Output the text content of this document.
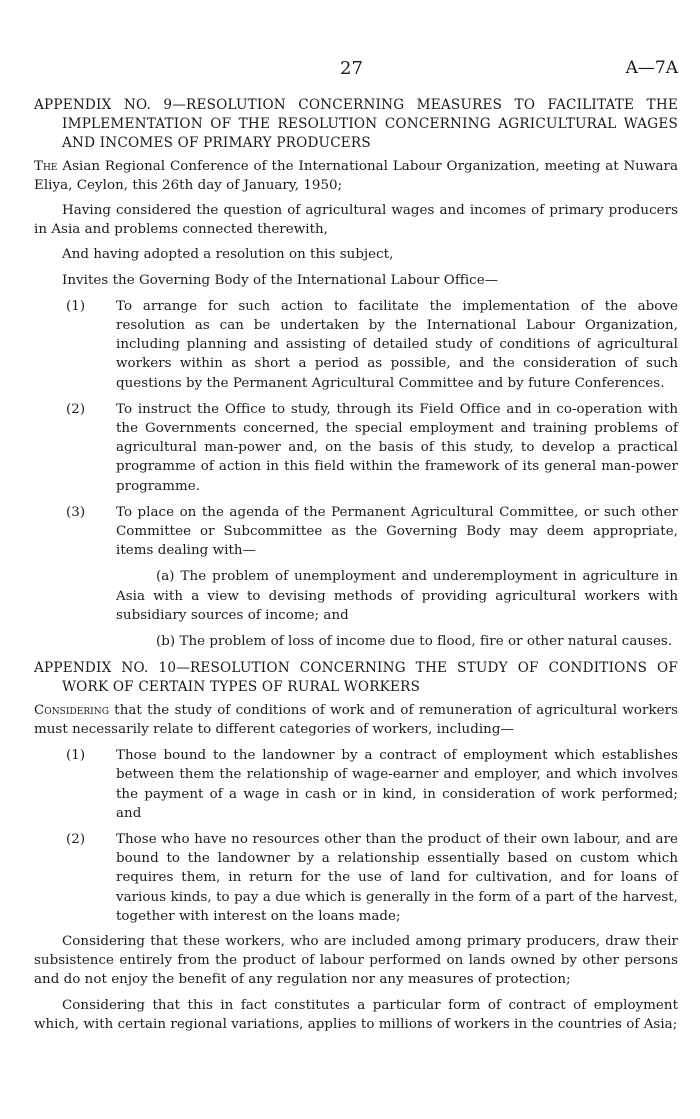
27	A—7A
APPENDIX NO. 9—RESOLUTION CONCERNING MEASURES TO FACILITATE THE IMPLEMENTATION OF THE RESOLUTION CONCERNING AGRICULTURAL WAGES AND INCOMES OF PRIMARY PRODUCERS

The Asian Regional Conference of the International Labour Organization, meeting at Nuwara Eliya, Ceylon, this 26th day of January, 1950;

Having considered the question of agricultural wages and incomes of primary producers in Asia and problems connected therewith,

And having adopted a resolution on this subject,

Invites the Governing Body of the International Labour Office—

(1) To arrange for such action to facilitate the implementation of the above resolution as can be undertaken by the International Labour Organization, including planning and assisting of detailed study of conditions of agricultural workers within as short a period as possible, and the consideration of such questions by the Permanent Agricultural Committee and by future Conferences.

(2) To instruct the Office to study, through its Field Office and in co-operation with the Governments concerned, the special employment and training problems of agricultural man-power and, on the basis of this study, to develop a practical programme of action in this field within the framework of its general man-power programme.

(3) To place on the agenda of the Permanent Agricultural Committee, or such other Committee or Subcommittee as the Governing Body may deem appropriate, items dealing with—

(a) The problem of unemployment and underemployment in agriculture in Asia with a view to devising methods of providing agricultural workers with subsidiary sources of income; and

(b) The problem of loss of income due to flood, fire or other natural causes.

APPENDIX NO. 10—RESOLUTION CONCERNING THE STUDY OF CONDITIONS OF WORK OF CERTAIN TYPES OF RURAL WORKERS

Considering that the study of conditions of work and of remuneration of agricultural workers must necessarily relate to different categories of workers, including—

(1) Those bound to the landowner by a contract of employment which establishes between them the relationship of wage-earner and employer, and which involves the payment of a wage in cash or in kind, in consideration of work performed; and

(2) Those who have no resources other than the product of their own labour, and are bound to the landowner by a relationship essentially based on custom which requires them, in return for the use of land for cultivation, and for loans of various kinds, to pay a due which is generally in the form of a part of the harvest, together with interest on the loans made;

Considering that these workers, who are included among primary producers, draw their subsistence entirely from the product of labour performed on lands owned by other persons and do not enjoy the benefit of any regulation nor any measures of protection;

Considering that this in fact constitutes a particular form of contract of employment which, with certain regional variations, applies to millions of workers in the countries of Asia;
